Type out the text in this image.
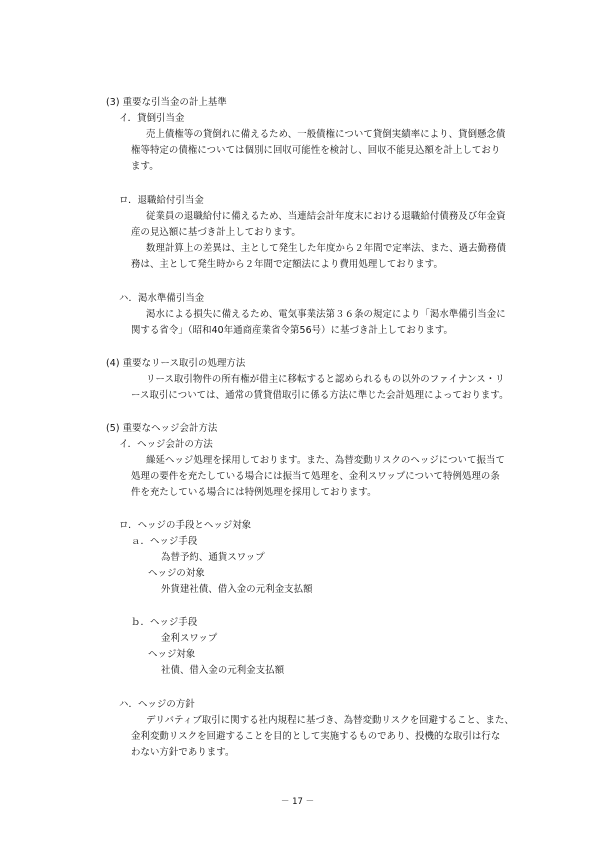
(3) 重要な引当金の計上基準

イ．貸倒引当金

売上債権等の貸倒れに備えるため、一般債権について貸倒実績率により、貸倒懸念債

権等特定の債権については個別に回収可能性を検討し、回収不能見込額を計上しており

ます。

ロ．退職給付引当金

従業員の退職給付に備えるため、当連結会計年度末における退職給付債務及び年金資

産の見込額に基づき計上しております。

数理計算上の差異は、主として発生した年度から２年間で定率法、また、過去勤務債

務は、主として発生時から２年間で定額法により費用処理しております。

ハ．渇水準備引当金

渇水による損失に備えるため、電気事業法第３６条の規定により「渇水準備引当金に

関する省令」（昭和40年通商産業省令第56号）に基づき計上しております。

(4) 重要なリース取引の処理方法

リース取引物件の所有権が借主に移転すると認められるもの以外のファイナンス・リ

ース取引については、通常の賃貸借取引に係る方法に準じた会計処理によっております。

(5) 重要なヘッジ会計方法

イ．ヘッジ会計の方法

繰延ヘッジ処理を採用しております。また、為替変動リスクのヘッジについて振当て

処理の要件を充たしている場合には振当て処理を、金利スワップについて特例処理の条

件を充たしている場合には特例処理を採用しております。

ロ．ヘッジの手段とヘッジ対象

ａ．ヘッジ手段

為替予約、通貨スワップ

ヘッジの対象

外貨建社債、借入金の元利金支払額

ｂ．ヘッジ手段

金利スワップ

ヘッジ対象

社債、借入金の元利金支払額

ハ．ヘッジの方針

デリバティブ取引に関する社内規程に基づき、為替変動リスクを回避すること、また、

金利変動リスクを回避することを目的として実施するものであり、投機的な取引は行な

わない方針であります。

－ 17 －
